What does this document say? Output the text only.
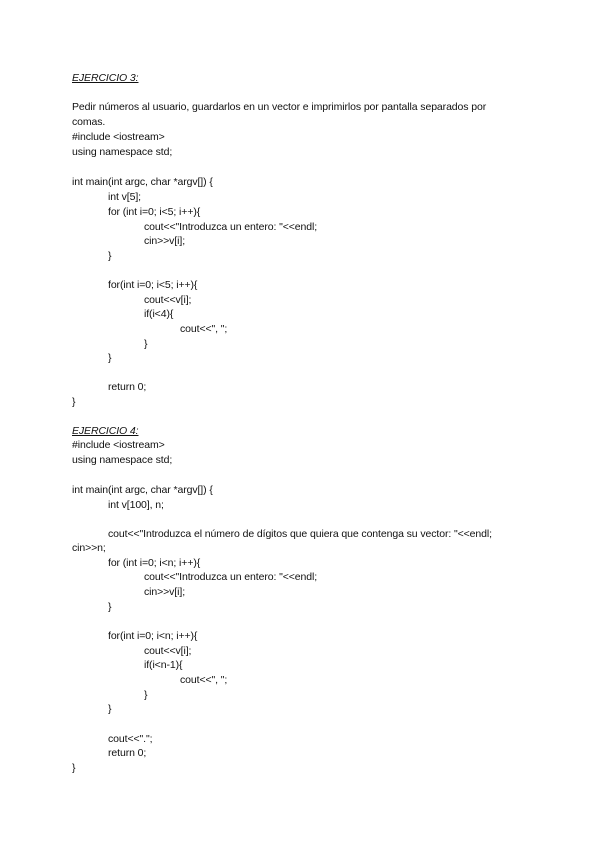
EJERCICIO 3:
Pedir números al usuario, guardarlos en un vector e imprimirlos por pantalla separados por
comas.
#include <iostream>
using namespace std;
int main(int argc, char *argv[]) {
int v[5];
for (int i=0; i<5; i++){
cout<<"Introduzca un entero: "<<endl;
cin>>v[i];
}
for(int i=0; i<5; i++){
cout<<v[i];
if(i<4){
cout<<", ";
}
}
return 0;
}
EJERCICIO 4:
#include <iostream>
using namespace std;
int main(int argc, char *argv[]) {
int v[100], n;
cout<<"Introduzca el número de dígitos que quiera que contenga su vector: "<<endl;
cin>>n;
for (int i=0; i<n; i++){
cout<<"Introduzca un entero: "<<endl;
cin>>v[i];
}
for(int i=0; i<n; i++){
cout<<v[i];
if(i<n-1){
cout<<", ";
}
}
cout<<".";
return 0;
}
